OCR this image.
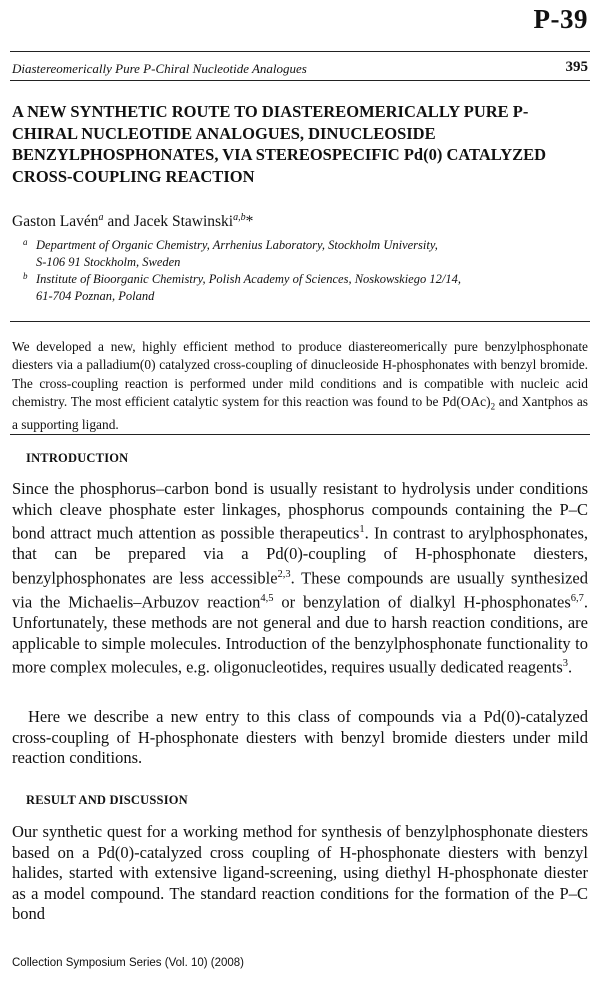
P-39
Diastereomerically Pure P-Chiral Nucleotide Analogues	395
A NEW SYNTHETIC ROUTE TO DIASTEREOMERICALLY PURE P-CHIRAL NUCLEOTIDE ANALOGUES, DINUCLEOSIDE BENZYLPHOSPHONATES, VIA STEREOSPECIFIC Pd(0) CATALYZED CROSS-COUPLING REACTION
Gaston Lavén$^a$ and Jacek Stawinski$^{a,b}$*
a Department of Organic Chemistry, Arrhenius Laboratory, Stockholm University,
S-106 91 Stockholm, Sweden
b Institute of Bioorganic Chemistry, Polish Academy of Sciences, Noskowskiego 12/14,
61-704 Poznan, Poland
We developed a new, highly efficient method to produce diastereomerically pure benzylphosphonate diesters via a palladium(0) catalyzed cross-coupling of dinucleoside H-phosphonates with benzyl bromide. The cross-coupling reaction is performed under mild conditions and is compatible with nucleic acid chemistry. The most efficient catalytic system for this reaction was found to be $Pd(OAc)_2$ and Xantphos as a supporting ligand.
INTRODUCTION
Since the phosphorus–carbon bond is usually resistant to hydrolysis under conditions which cleave phosphate ester linkages, phosphorus compounds containing the P–C bond attract much attention as possible therapeutics$^1$. In contrast to arylphosphonates, that can be prepared via a Pd(0)-coupling of H-phosphonate diesters, benzylphosphonates are less accessible$^{2,3}$. These compounds are usually synthesized via the Michaelis–Arbuzov reaction$^{4,5}$ or benzylation of dialkyl H-phosphonates$^{6,7}$. Unfortunately, these methods are not general and due to harsh reaction conditions, are applicable to simple molecules. Introduction of the benzylphosphonate functionality to more complex molecules, e.g. oligonucleotides, requires usually dedicated reagents$^3$.
Here we describe a new entry to this class of compounds via a Pd(0)-catalyzed cross-coupling of H-phosphonate diesters with benzyl bromide diesters under mild reaction conditions.
RESULT AND DISCUSSION
Our synthetic quest for a working method for synthesis of benzylphosphonate diesters based on a Pd(0)-catalyzed cross coupling of H-phosphonate diesters with benzyl halides, started with extensive ligand-screening, using diethyl H-phosphonate diester as a model compound. The standard reaction conditions for the formation of the P–C bond
Collection Symposium Series (Vol. 10) (2008)
